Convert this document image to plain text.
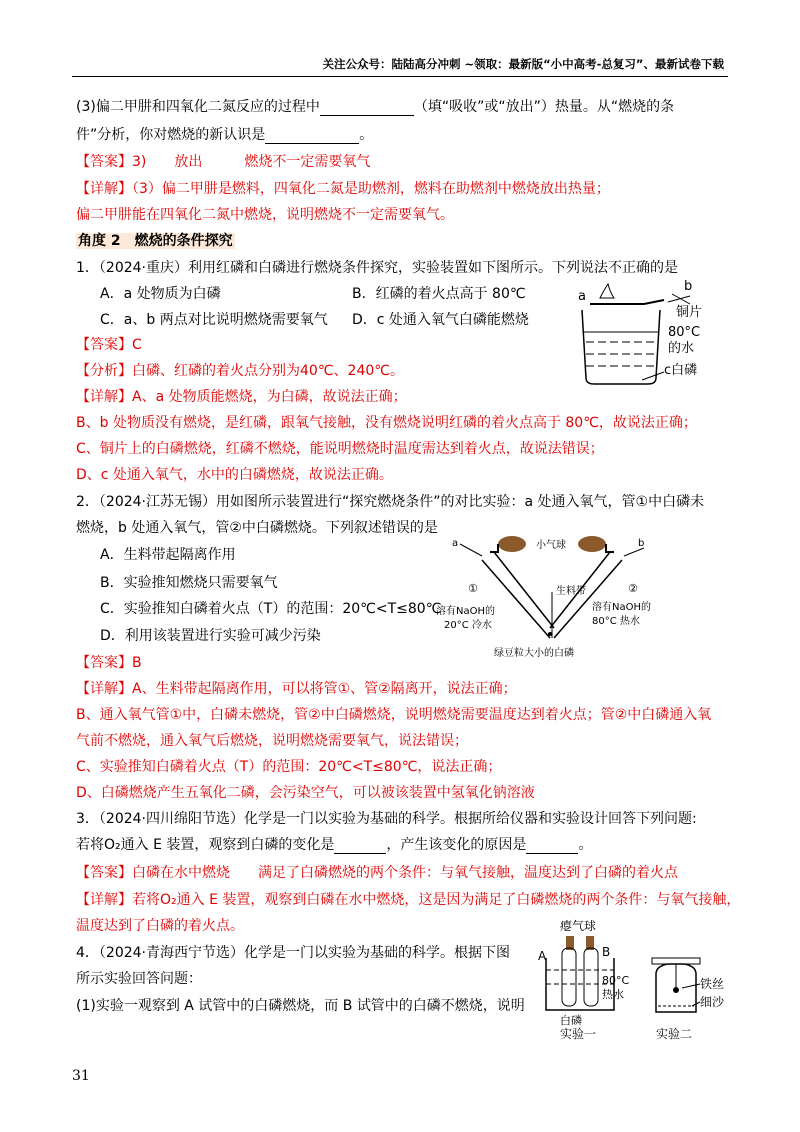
关注公众号：陆陆高分冲刺 ~领取：最新版“小中高考-总复习”、最新试卷下载
(3)偏二甲肼和四氧化二氮反应的过程中	（填“吸收”或“放出”）热量。从“燃烧的条
件”分析，你对燃烧的新认识是	。
【答案】3)　　放出　　　燃烧不一定需要氧气
【详解】（3）偏二甲肼是燃料，四氧化二氮是助燃剂，燃料在助燃剂中燃烧放出热量；
偏二甲肼能在四氧化二氮中燃烧，说明燃烧不一定需要氧气。
角度 2　燃烧的条件探究
1．（2024·重庆）利用红磷和白磷进行燃烧条件探究，实验装置如下图所示。下列说法不正确的是
A．a 处物质为白磷	B．红磷的着火点高于 80℃
C．a、b 两点对比说明燃烧需要氧气 D．c 处通入氧气白磷能燃烧
【答案】C
【分析】白磷、红磷的着火点分别为40℃、240℃。
【详解】A、a 处物质能燃烧，为白磷，故说法正确；
B、b 处物质没有燃烧，是红磷，跟氧气接触，没有燃烧说明红磷的着火点高于 80℃，故说法正确；
C、铜片上的白磷燃烧，红磷不燃烧，能说明燃烧时温度需达到着火点，故说法错误；
D、c 处通入氧气，水中的白磷燃烧，故说法正确。
a
b
铜片
80°C
的水
c白磷
2．（2024·江苏无锡）用如图所示装置进行“探究燃烧条件”的对比实验：a 处通入氧气，管①中白磷未
燃烧，b 处通入氧气，管②中白磷燃烧。下列叙述错误的是
A．生料带起隔离作用
B．实验推知燃烧只需要氧气
C．实验推知白磷着火点（T）的范围：20℃<T≤80℃
D．利用该装置进行实验可减少污染
a	b
小气球
①	②
生料带
溶有NaOH的
20°C 冷水
溶有NaOH的
80°C 热水
绿豆粒大小的白磷
【答案】B
【详解】A、生料带起隔离作用，可以将管①、管②隔离开，说法正确；
B、通入氧气管①中，白磷未燃烧，管②中白磷燃烧，说明燃烧需要温度达到着火点；管②中白磷通入氧
气前不燃烧，通入氧气后燃烧，说明燃烧需要氧气，说法错误；
C、实验推知白磷着火点（T）的范围：20℃<T≤80℃，说法正确；
D、白磷燃烧产生五氧化二磷，会污染空气，可以被该装置中氢氧化钠溶液
3．（2024·四川绵阳节选）化学是一门以实验为基础的科学。根据所给仪器和实验设计回答下列问题:
若将O₂通入 E 装置，观察到白磷的变化是	，产生该变化的原因是	。
【答案】白磷在水中燃烧　　满足了白磷燃烧的两个条件：与氧气接触，温度达到了白磷的着火点
【详解】若将O₂通入 E 装置，观察到白磷在水中燃烧，这是因为满足了白磷燃烧的两个条件：与氧气接触，
温度达到了白磷的着火点。
4．（2024·青海西宁节选）化学是一门以实验为基础的科学。根据下图
所示实验回答问题：
(1)实验一观察到 A 试管中的白磷燃烧，而 B 试管中的白磷不燃烧，说明
瘪气球
A	B
80°C
热水
白磷
实验一
铁丝
细沙
实验二
31
